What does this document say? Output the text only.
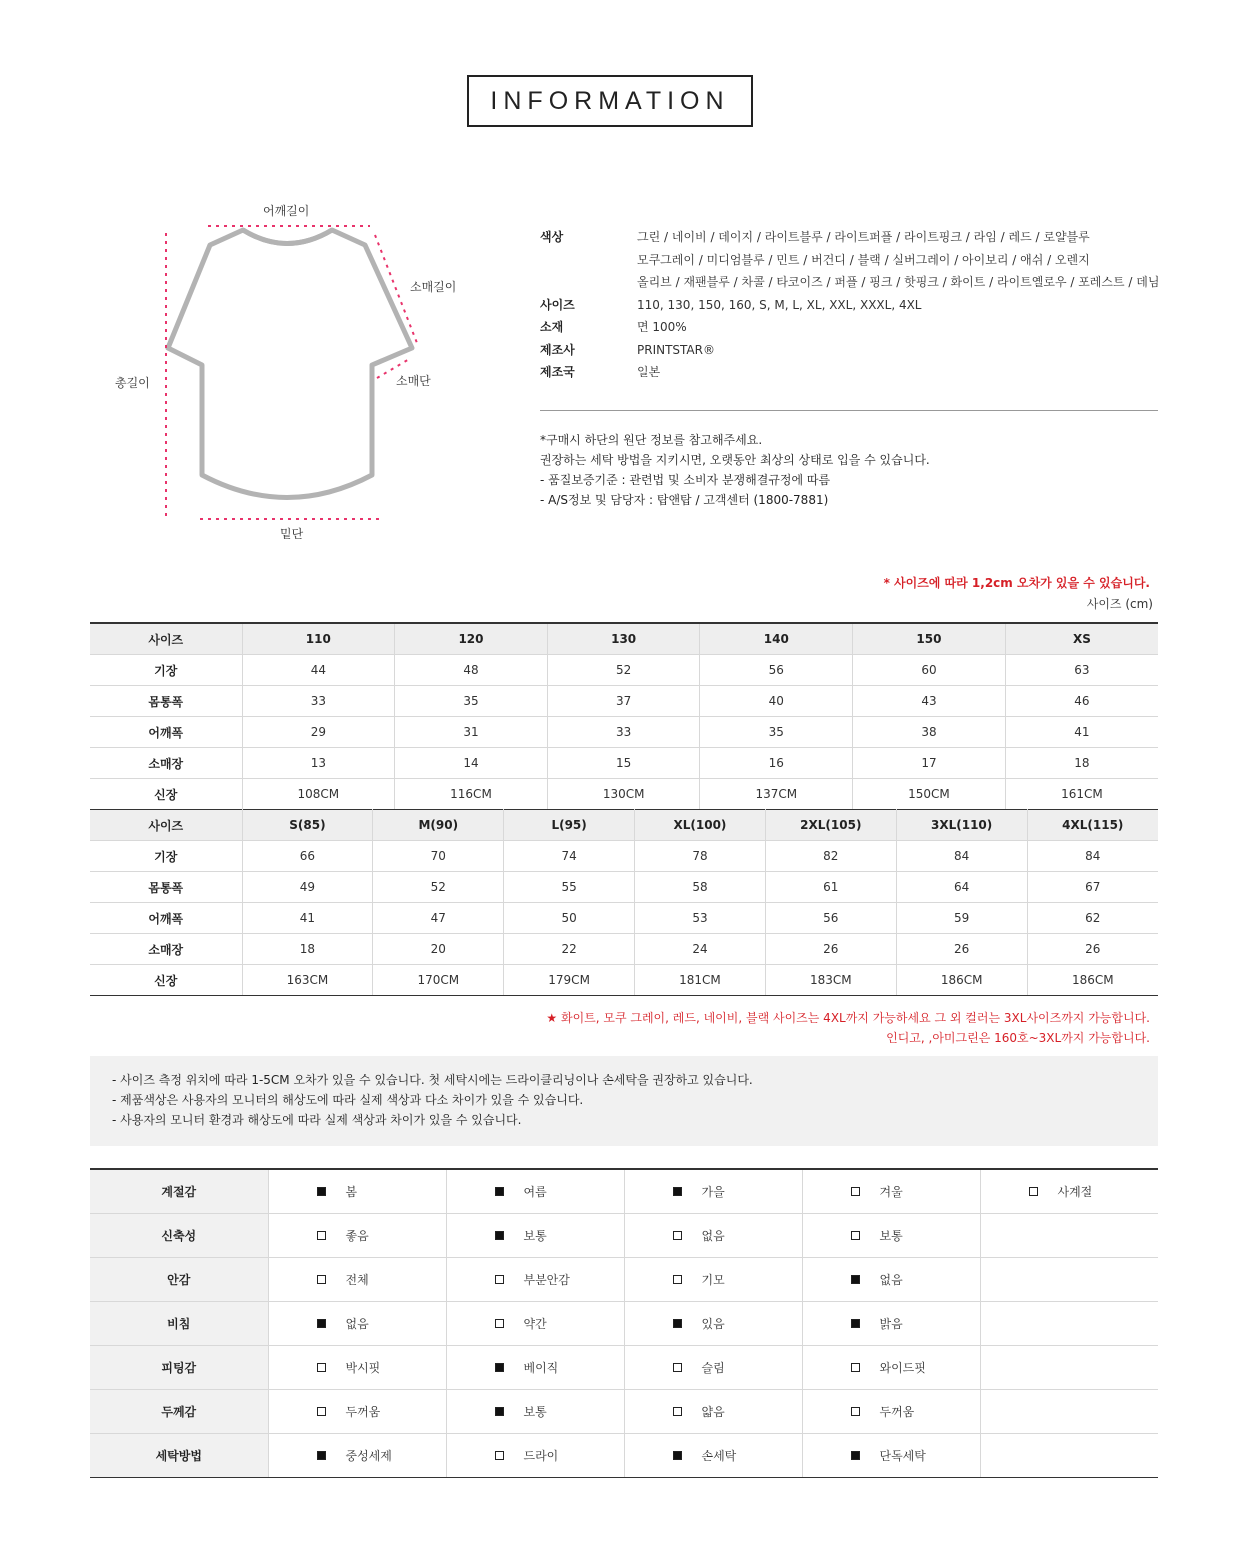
INFORMATION
어깨길이
소매길이
총길이	소매단
밑단
색상	그린 / 네이비 / 데이지 / 라이트블루 / 라이트퍼플 / 라이트핑크 / 라임 / 레드 / 로얄블루
모쿠그레이 / 미디엄블루 / 민트 / 버건디 / 블랙 / 실버그레이 / 아이보리 / 애쉬 / 오렌지
올리브 / 재팬블루 / 차콜 / 타코이즈 / 퍼플 / 핑크 / 핫핑크 / 화이트 / 라이트옐로우 / 포레스트 / 데님
사이즈	110, 130, 150, 160, S, M, L, XL, XXL, XXXL, 4XL
소재	면 100%
제조사	PRINTSTAR®
제조국	일본
*구매시 하단의 원단 정보를 참고해주세요.
권장하는 세탁 방법을 지키시면, 오랫동안 최상의 상태로 입을 수 있습니다.
- 품질보증기준 : 관련법 및 소비자 분쟁해결규정에 따름
- A/S정보 및 담당자 : 탑앤탑 / 고객센터 (1800-7881)
* 사이즈에 따라 1,2cm 오차가 있을 수 있습니다.
사이즈 (cm)
사이즈	110	120	130	140	150	XS
기장	44	48	52	56	60	63
몸통폭	33	35	37	40	43	46
어깨폭	29	31	33	35	38	41
소매장	13	14	15	16	17	18
신장	108CM	116CM	130CM	137CM	150CM	161CM
사이즈	S(85)	M(90)	L(95)	XL(100)	2XL(105)	3XL(110)	4XL(115)
기장	66	70	74	78	82	84	84
몸통폭	49	52	55	58	61	64	67
어깨폭	41	47	50	53	56	59	62
소매장	18	20	22	24	26	26	26
신장	163CM	170CM	179CM	181CM	183CM	186CM	186CM
★ 화이트, 모쿠 그레이, 레드, 네이비, 블랙 사이즈는 4XL까지 가능하세요 그 외 컬러는 3XL사이즈까지 가능합니다.
인디고, ,아미그린은 160호~3XL까지 가능합니다.
- 사이즈 측정 위치에 따라 1-5CM 오차가 있을 수 있습니다. 첫 세탁시에는 드라이클리닝이나 손세탁을 권장하고 있습니다.
- 제품색상은 사용자의 모니터의 해상도에 따라 실제 색상과 다소 차이가 있을 수 있습니다.
- 사용자의 모니터 환경과 해상도에 따라 실제 색상과 차이가 있을 수 있습니다.
계절감	봄	여름	가을	겨울	사계절

신축성	좋음	보통	없음	보통	

안감	전체	부분안감	기모	없음	

비침	없음	약간	있음	밝음	

피팅감	박시핏	베이직	슬림	와이드핏	

두께감	두꺼움	보통	얇음	두꺼움	

세탁방법	중성세제	드라이	손세탁	단독세탁	
